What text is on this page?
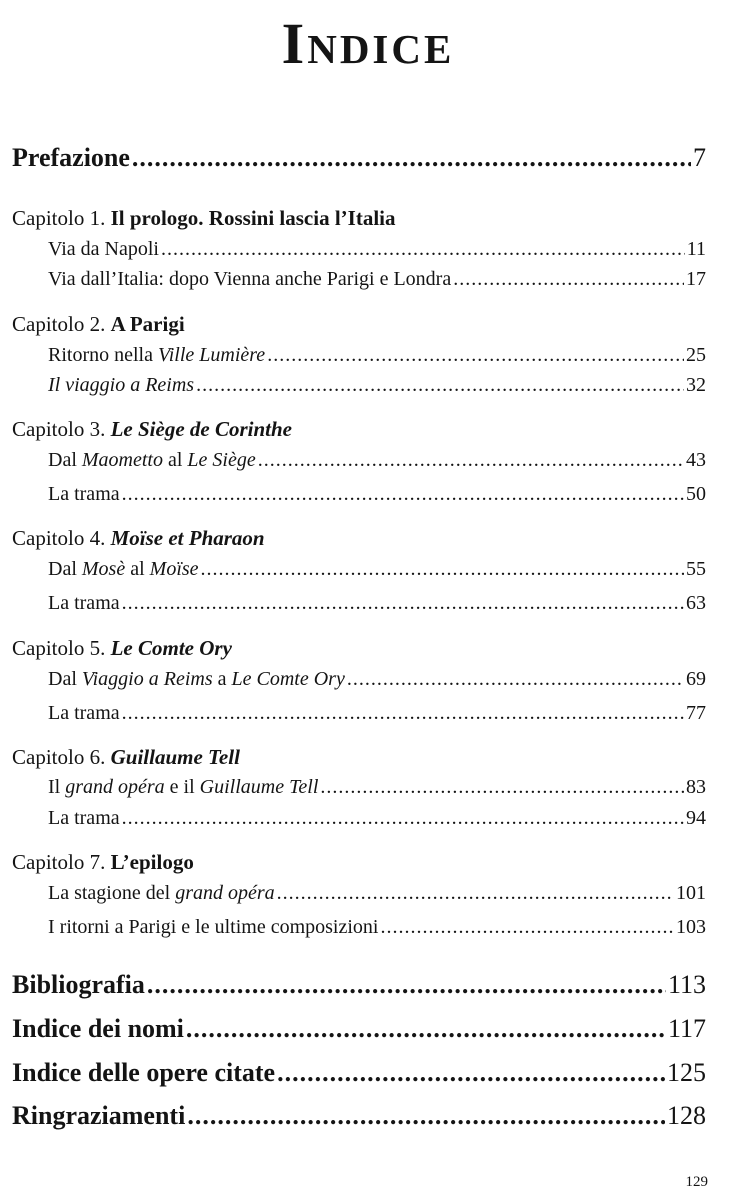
Indice
Prefazione .....	7
Capitolo 1. Il prologo. Rossini lascia l’Italia
Via da Napoli .....	11
Via dall’Italia: dopo Vienna anche Parigi e Londra .....	17
Capitolo 2. A Parigi
Ritorno nella Ville Lumière .....	25
Il viaggio a Reims .....	32
Capitolo 3. Le Siège de Corinthe
Dal Maometto al Le Siège .....	43
La trama .....	50
Capitolo 4. Moïse et Pharaon
Dal Mosè al Moïse .....	55
La trama .....	63
Capitolo 5. Le Comte Ory
Dal Viaggio a Reims a Le Comte Ory .....	69
La trama .....	77
Capitolo 6. Guillaume Tell
Il grand opéra e il Guillaume Tell .....	83
La trama .....	94
Capitolo 7. L’epilogo
La stagione del grand opéra .....	101
I ritorni a Parigi e le ultime composizioni .....	103
Bibliografia .....	113
Indice dei nomi .....	117
Indice delle opere citate .....	125
Ringraziamenti .....	128
129
